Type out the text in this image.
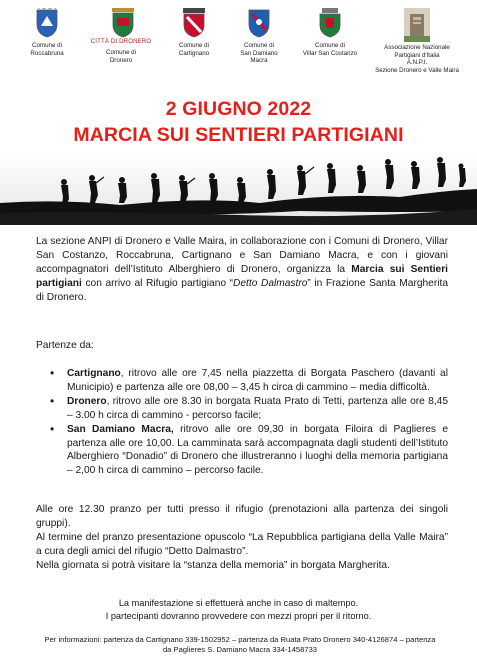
Comune di
Roccabruna
CITTÀ DI DRONERO
Comune di
Dronero
Comune di
Cartignano
Comune di
San Damiano
Macra
Comune di
Villar San Costanzo
Associazione Nazionale
Partigiani d'Italia
A.N.P.I.
Sezione Dronero e Valle Maira
2 GIUGNO 2022
MARCIA SUI SENTIERI PARTIGIANI
La sezione ANPI di Dronero e Valle Maira, in collaborazione con i Comuni di Dronero, Villar San Costanzo, Roccabruna, Cartignano e San Damiano Macra, e con i giovani accompagnatori dell’Istituto Alberghiero di Dronero, organizza la Marcia sui Sentieri partigiani con arrivo al Rifugio partigiano “Detto Dalmastro” in Frazione Santa Margherita di Dronero.
Partenze da:
• Cartignano, ritrovo alle ore 7,45 nella piazzetta di Borgata Paschero (davanti al Municipio) e partenza alle ore 08,00 – 3,45 h circa di cammino – media difficoltà.
• Dronero, ritrovo alle ore 8.30 in borgata Ruata Prato di Tetti, partenza alle ore 8,45 – 3.00 h circa di cammino - percorso facile;
• San Damiano Macra, ritrovo alle ore 09,30 in borgata Filoira di Paglieres e partenza alle ore 10,00. La camminata sarà accompagnata dagli studenti dell’Istituto Alberghiero “Donadio” di Dronero che illustreranno i luoghi della memoria partigiana – 2,00 h circa di cammino – percorso facile.
Alle ore 12.30 pranzo per tutti presso il rifugio (prenotazioni alla partenza dei singoli gruppi).
Al termine del pranzo presentazione opuscolo “La Repubblica partigiana della Valle Maira” a cura degli amici del rifugio “Detto Dalmastro”.
Nella giornata si potrà visitare la “stanza della memoria” in borgata Margherita.
La manifestazione si effettuerà anche in caso di maltempo.
I partecipanti dovranno provvedere con mezzi propri per il ritorno.
Per informazioni: partenza da Cartignano 339-1502952 – partenza da Ruata Prato Dronero 340-4126874 – partenza
da Paglieres S. Damiano Macra 334-1458733
